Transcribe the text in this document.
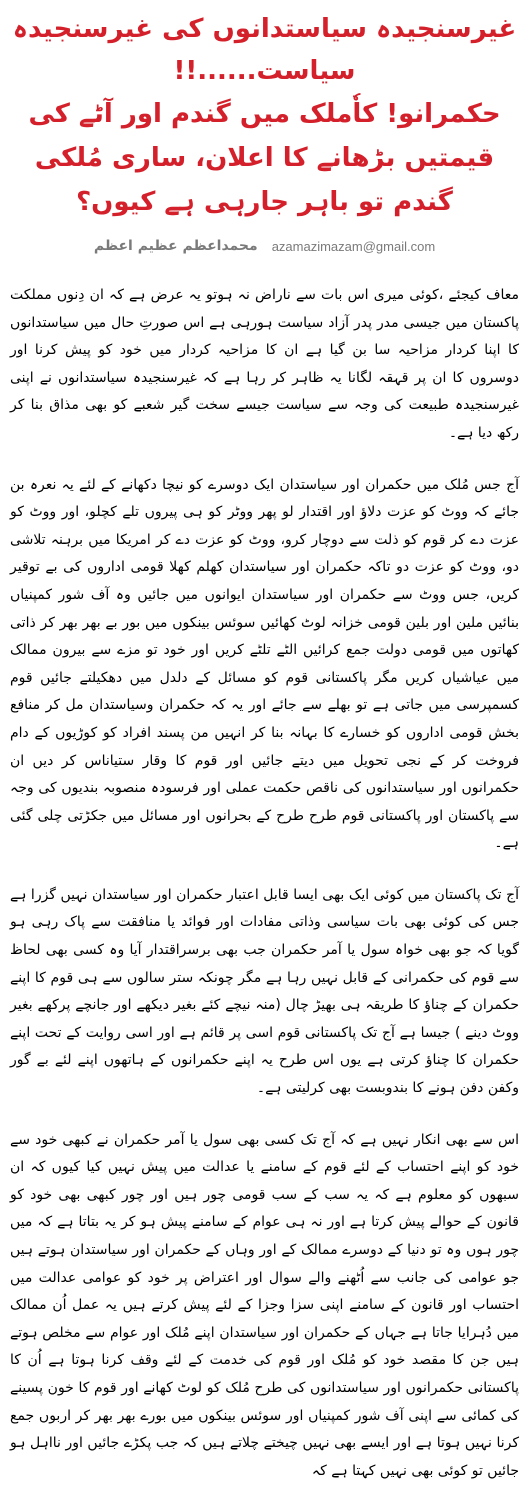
غیرسنجیدہ سیاستدانوں کی غیرسنجیدہ سیاست......!!

حکمرانو! کاٗملک میں گندم اور آٹے کی قیمتیں بڑھانے کا اعلان، ساری مُلکی گندم تو باہر جارہی ہے کیوں؟

azamazimazam@gmail.com
محمداعظم عظیم اعظم

معاف کیجئے ،کوئی میری اس بات سے ناراض نہ ہوتو یہ عرض ہے کہ ان دِنوں مملکت پاکستان میں جیسی مدر پدر آزاد سیاست ہورہی ہے اس صورتِ حال میں سیاستدانوں کا اپنا کردار مزاحیہ سا بن گیا ہے ان کا مزاحیہ کردار میں خود کو پیش کرنا اور دوسروں کا ان پر قہقہ لگانا یہ ظاہر کر رہا ہے کہ غیرسنجیدہ سیاستدانوں نے اپنی غیرسنجیدہ طبیعت کی وجہ سے سیاست جیسے سخت گیر شعبے کو بھی مذاق بنا کر رکھ دیا ہے۔

آج جس مُلک میں حکمران اور سیاستدان ایک دوسرے کو نیچا دکھانے کے لئے یہ نعرہ بن جائے کہ ووٹ کو عزت دلاؤ اور اقتدار لو پھر ووٹر کو ہی پیروں تلے کچلو، اور ووٹ کو عزت دے کر قوم کو ذلت سے دوچار کرو، ووٹ کو عزت دے کر امریکا میں برہنہ تلاشی دو، ووٹ کو عزت دو تاکہ حکمران اور سیاستدان کھلم کھلا قومی اداروں کی بے توقیر کریں، جس ووٹ سے حکمران اور سیاستدان ایوانوں میں جائیں وہ آف شور کمپنیاں بنائیں ملین اور بلین قومی خزانہ لوٹ کھائیں سوئس بینکوں میں بور بے بھر بھر کر ذاتی کھاتوں میں قومی دولت جمع کرائیں الٹے تلٹے کریں اور خود تو مزے سے بیرون ممالک میں عیاشیاں کریں مگر پاکستانی قوم کو مسائل کے دلدل میں دھکیلتے جائیں قوم کسمپرسی میں جاتی ہے تو بھلے سے جائے اور یہ کہ حکمران وسیاستدان مل کر منافع بخش قومی اداروں کو خسارے کا بہانہ بنا کر انہیں من پسند افراد کو کوڑیوں کے دام فروخت کر کے نجی تحویل میں دیتے جائیں اور قوم کا وقار ستیاناس کر دیں ان حکمرانوں اور سیاستدانوں کی ناقص حکمت عملی اور فرسودہ منصوبہ بندیوں کی وجہ سے پاکستان اور پاکستانی قوم طرح طرح کے بحرانوں اور مسائل میں جکڑتی چلی گئی ہے۔

آج تک پاکستان میں کوئی ایک بھی ایسا قابل اعتبار حکمران اور سیاستدان نہیں گزرا ہے جس کی کوئی بھی بات سیاسی وذاتی مفادات اور فوائد یا منافقت سے پاک رہی ہو گویا کہ جو بھی خواہ سول یا آمر حکمران جب بھی برسراقتدار آیا وہ کسی بھی لحاظ سے قوم کی حکمرانی کے قابل نہیں رہا ہے مگر چونکہ ستر سالوں سے ہی قوم کا اپنے حکمران کے چناؤ کا طریقہ ہی بھیڑ چال (منہ نیچے کئے بغیر دیکھے اور جانچے پرکھے بغیر ووٹ دینے ) جیسا ہے آج تک پاکستانی قوم اسی پر قائم ہے اور اسی روایت کے تحت اپنے حکمران کا چناؤ کرتی ہے یوں اس طرح یہ اپنے حکمرانوں کے ہاتھوں اپنے لئے بے گور وکفن دفن ہونے کا بندوبست بھی کرلیتی ہے۔

اس سے بھی انکار نہیں ہے کہ آج تک کسی بھی سول یا آمر حکمران نے کبھی خود سے خود کو اپنے احتساب کے لئے قوم کے سامنے یا عدالت میں پیش نہیں کیا کیوں کہ ان سبھوں کو معلوم ہے کہ یہ سب کے سب قومی چور ہیں اور چور کبھی بھی خود کو قانون کے حوالے پیش کرتا ہے اور نہ ہی عوام کے سامنے پیش ہو کر یہ بتاتا ہے کہ میں چور ہوں وہ تو دنیا کے دوسرے ممالک کے اور وہاں کے حکمران اور سیاستدان ہوتے ہیں جو عوامی کی جانب سے اُٹھنے والے سوال اور اعتراض پر خود کو عوامی عدالت میں احتساب اور قانون کے سامنے اپنی سزا وجزا کے لئے پیش کرتے ہیں یہ عمل اُن ممالک میں دُہرایا جاتا ہے جہاں کے حکمران اور سیاستدان اپنے مُلک اور عوام سے مخلص ہوتے ہیں جن کا مقصد خود کو مُلک اور قوم کی خدمت کے لئے وقف کرنا ہوتا ہے اُن کا پاکستانی حکمرانوں اور سیاستدانوں کی طرح مُلک کو لوٹ کھانے اور قوم کا خون پسینے کی کمائی سے اپنی آف شور کمپنیاں اور سوئس بینکوں میں بورے بھر بھر کر اربوں جمع کرنا نہیں ہوتا ہے اور ایسے بھی نہیں چیختے چلاتے ہیں کہ جب پکڑے جائیں اور نااہل ہو جائیں تو کوئی بھی نہیں کہتا ہے کہ
